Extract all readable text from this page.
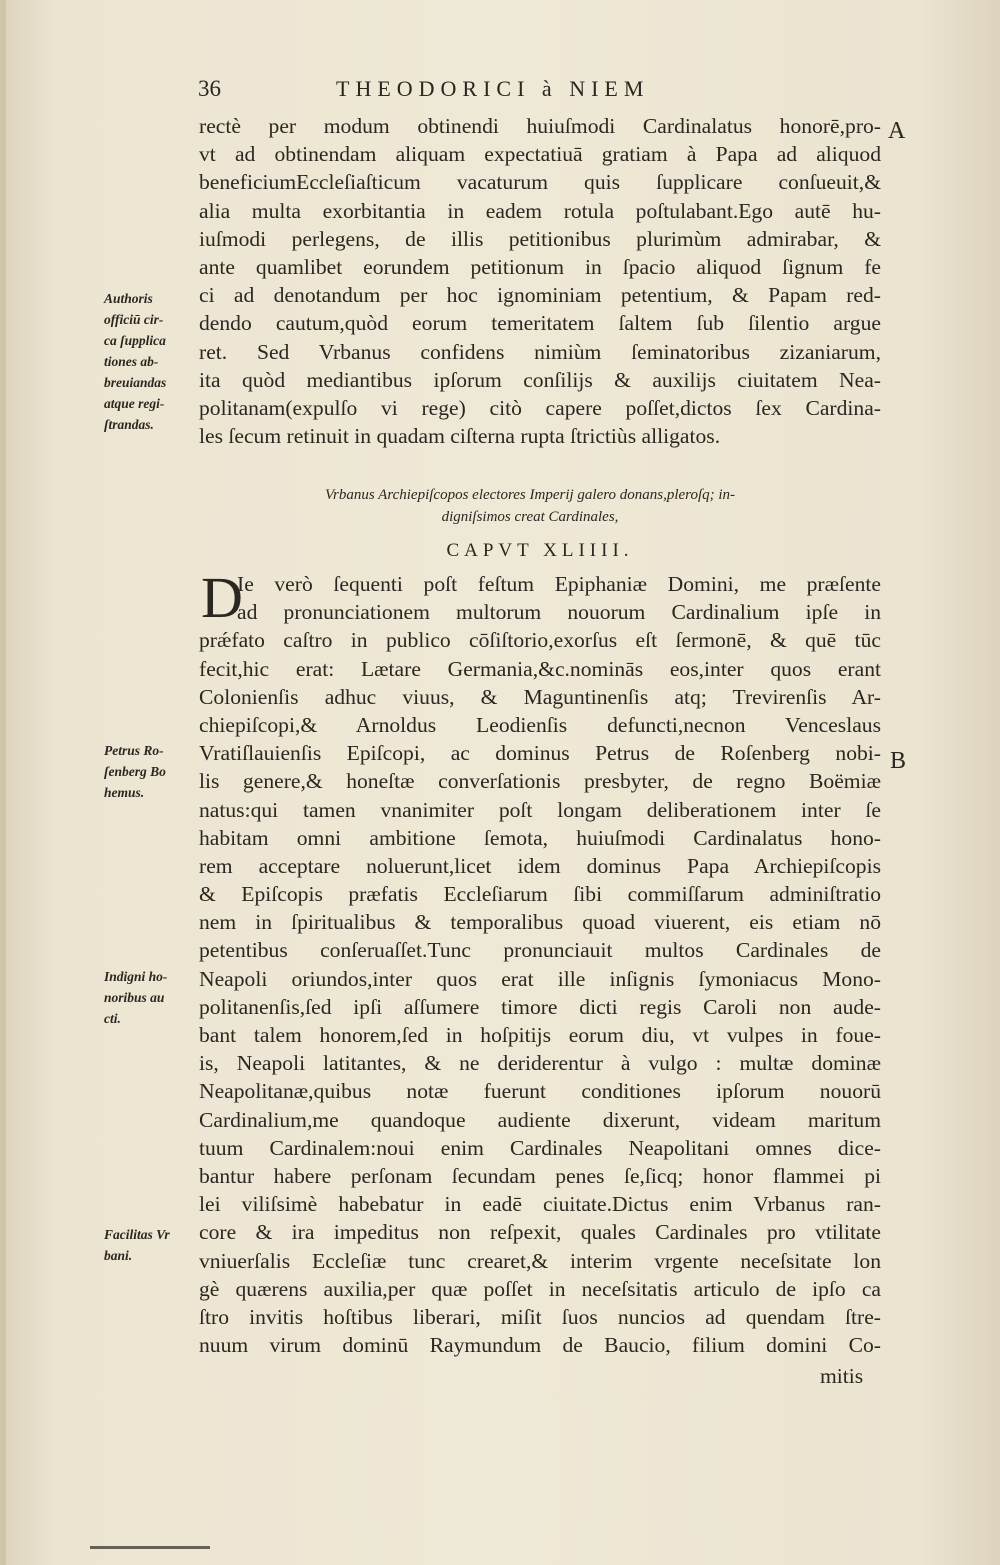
36	THEODORICI à NIEM
A
B
rectè per modum obtinendi huiuſmodi Cardinalatus honorē,pro-
vt ad obtinendam aliquam expectatiuā gratiam à Papa ad aliquod
beneficiumEccleſiaſticum vacaturum quis ſupplicare conſueuit,&
alia multa exorbitantia in eadem rotula poſtulabant.Ego autē hu-
iuſmodi perlegens, de illis petitionibus plurimùm admirabar, &
ante quamlibet eorundem petitionum in ſpacio aliquod ſignum fe
ci ad denotandum per hoc ignominiam petentium, & Papam red-
dendo cautum,quòd eorum temeritatem ſaltem ſub ſilentio argue
ret. Sed Vrbanus confidens nimiùm ſeminatoribus zizaniarum,
ita quòd mediantibus ipſorum conſilijs & auxilijs ciuitatem Nea-
politanam(expulſo vi rege) citò capere poſſet,dictos ſex Cardina-
les ſecum retinuit in quadam ciſterna rupta ſtrictiùs alligatos.
Vrbanus Archiepiſcopos electores Imperij galero donans,pleroſq; in-
digniſsimos creat Cardinales,
CAPVT XLIIII.
D
Ie verò ſequenti poſt feſtum Epiphaniæ Domini, me præſente
ad pronunciationem multorum nouorum Cardinalium ipſe in
prǽfato caſtro in publico cōſiſtorio,exorſus eſt ſermonē, & quē tūc
fecit,hic erat: Lætare Germania,&c.nominās eos,inter quos erant
Colonienſis adhuc viuus, & Maguntinenſis atq; Trevirenſis Ar-
chiepiſcopi,& Arnoldus Leodienſis defuncti,necnon Venceslaus
Vratiſlauienſis Epiſcopi, ac dominus Petrus de Roſenberg nobi-
lis genere,& honeſtæ converſationis presbyter, de regno Boëmiæ
natus:qui tamen vnanimiter poſt longam deliberationem inter ſe
habitam omni ambitione ſemota, huiuſmodi Cardinalatus hono-
rem acceptare noluerunt,licet idem dominus Papa Archiepiſcopis
& Epiſcopis præfatis Eccleſiarum ſibi commiſſarum adminiſtratio
nem in ſpiritualibus & temporalibus quoad viuerent, eis etiam nō
petentibus conſeruaſſet.Tunc pronunciauit multos Cardinales de
Neapoli oriundos,inter quos erat ille inſignis ſymoniacus Mono-
politanenſis,ſed ipſi aſſumere timore dicti regis Caroli non aude-
bant talem honorem,ſed in hoſpitijs eorum diu, vt vulpes in foue-
is, Neapoli latitantes, & ne deriderentur à vulgo : multæ dominæ
Neapolitanæ,quibus notæ fuerunt conditiones ipſorum nouorū
Cardinalium,me quandoque audiente dixerunt, videam maritum
tuum Cardinalem:noui enim Cardinales Neapolitani omnes dice-
bantur habere perſonam ſecundam penes ſe,ſicq; honor flammei pi
lei viliſsimè habebatur in eadē ciuitate.Dictus enim Vrbanus ran-
core & ira impeditus non reſpexit, quales Cardinales pro vtilitate
vniuerſalis Eccleſiæ tunc crearet,& interim vrgente neceſsitate lon
gè quærens auxilia,per quæ poſſet in neceſsitatis articulo de ipſo ca
ſtro invitis hoſtibus liberari, miſit ſuos nuncios ad quendam ſtre-
nuum virum dominū Raymundum de Baucio, filium domini Co-
mitis
Authoris
officiū cir-
ca ſupplica
tiones ab-
breuiandas
atque regi-
ſtrandas.
Petrus Ro-
ſenberg Bo
hemus.
Indigni ho-
noribus au
cti.
Facilitas Vr
bani.
